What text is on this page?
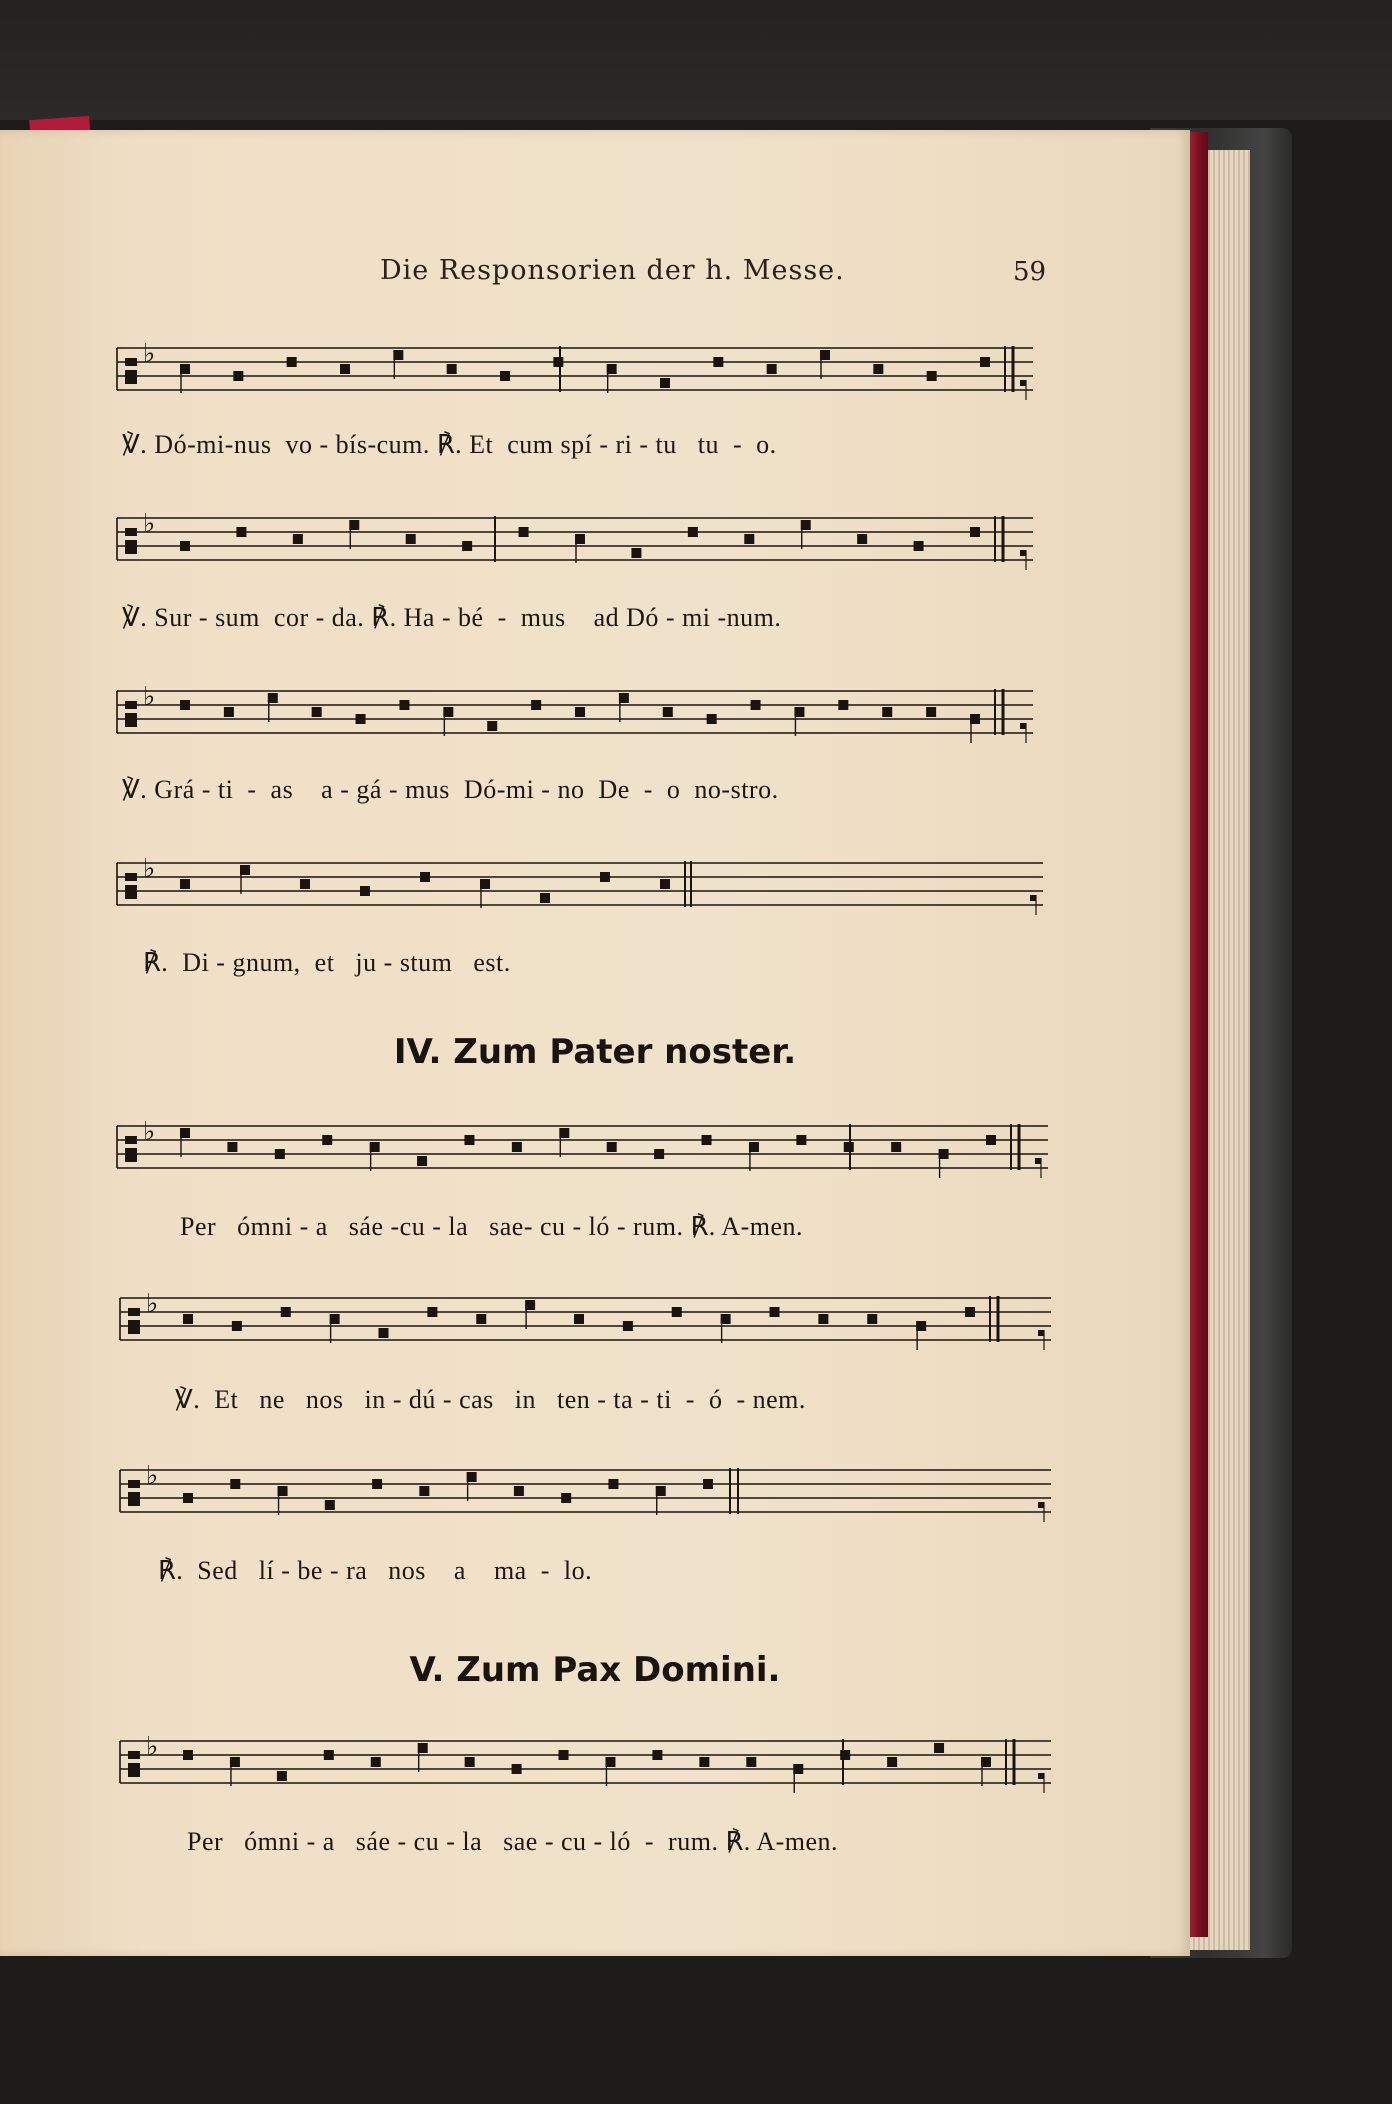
Die Responsorien der h. Messe.	59
♭
℣. Dó-mi-nus  vo - bís-cum. ℟. Et  cum spí - ri - tu   tu  -  o.
♭
℣. Sur - sum  cor - da. ℟. Ha - bé  -  mus    ad Dó - mi -num.
♭
℣. Grá - ti  -  as    a - gá - mus  Dó-mi - no  De  -  o  no-stro.
♭
℟.  Di - gnum,  et   ju - stum   est.
IV. Zum Pater noster.
♭
Per   ómni - a   sáe -cu - la   sae- cu - ló - rum. ℟. A-men.
♭
℣.  Et   ne   nos   in - dú - cas   in   ten - ta - ti  -  ó  - nem.
♭
℟.  Sed   lí - be - ra   nos    a    ma  -  lo.
V. Zum Pax Domini.
♭
Per   ómni - a   sáe - cu - la   sae - cu - ló  -  rum. ℟. A-men.
